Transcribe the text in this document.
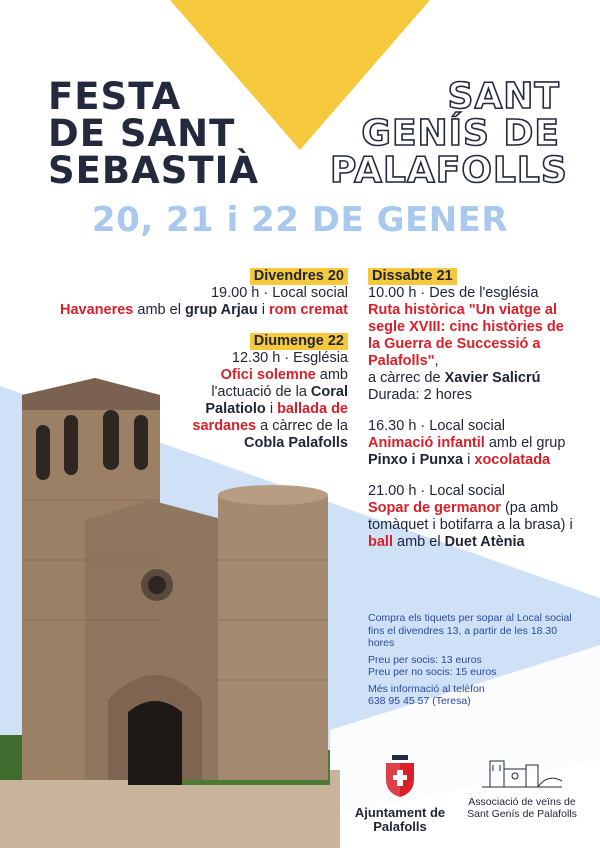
FESTA
DE SANT
SEBASTIÀ
SANT
GENÍS DE
PALAFOLLS
20, 21 i 22 DE GENER
Divendres 20

19.00 h · Local social

Havaneres amb el grup Arjau i rom cremat

Diumenge 22

12.30 h · Església

Ofici solemne amb l'actuació de la Coral Palatiolo i ballada de sardanes a càrrec de la Cobla Palafolls

Dissabte 21

10.00 h · Des de l'església

Ruta històrica "Un viatge al segle XVIII: cinc històries de la Guerra de Successió a Palafolls",

a càrrec de Xavier Salicrú

Durada: 2 hores

16.30 h · Local social

Animació infantil amb el grup Pinxo i Punxa i xocolatada

21.00 h · Local social

Sopar de germanor (pa amb tomàquet i botifarra a la brasa) i ball amb el Duet Atènia

Compra els tiquets per sopar al Local social fins el divendres 13, a partir de les 18.30 hores

Preu per socis: 13 euros

Preu per no socis: 15 euros

Més informació al telèfon

638 95 45 57 (Teresa)

Ajuntament de Palafolls
Associació de veïns de Sant Genís de Palafolls
